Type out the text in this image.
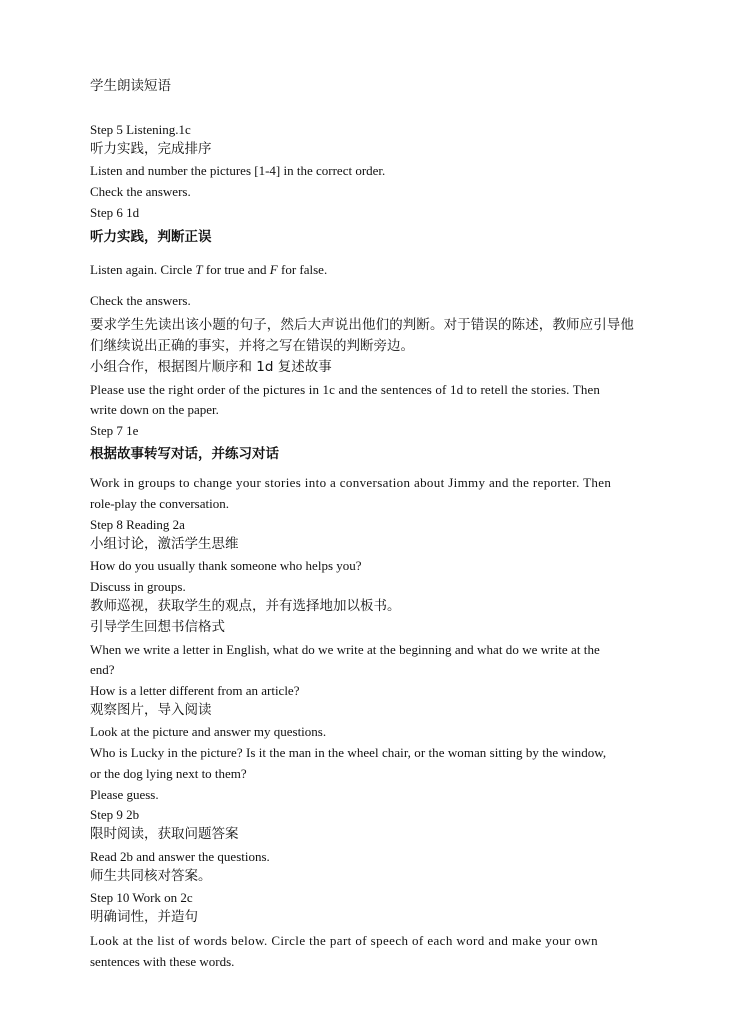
学生朗读短语
Step 5 Listening.1c
听力实践，完成排序
Listen and number the pictures [1-4] in the correct order.
Check the answers.
Step 6 1d
听力实践，判断正误
Listen again. Circle T for true and F for false.
Check the answers.
要求学生先读出该小题的句子，然后大声说出他们的判断。对于错误的陈述，教师应引导他
们继续说出正确的事实，并将之写在错误的判断旁边。
小组合作，根据图片顺序和 1d 复述故事
Please use the right order of the pictures in 1c and the sentences of 1d to retell the stories. Then
write down on the paper.
Step 7 1e
根据故事转写对话，并练习对话
Work in groups to change your stories into a conversation about Jimmy and the reporter. Then
role-play the conversation.
Step 8 Reading 2a
小组讨论，激活学生思维
How do you usually thank someone who helps you?
Discuss in groups.
教师巡视，获取学生的观点，并有选择地加以板书。
引导学生回想书信格式
When we write a letter in English, what do we write at the beginning and what do we write at the
end?
How is a letter different from an article?
观察图片，导入阅读
Look at the picture and answer my questions.
Who is Lucky in the picture? Is it the man in the wheel chair, or the woman sitting by the window,
or the dog lying next to them?
Please guess.
Step 9 2b
限时阅读，获取问题答案
Read 2b and answer the questions.
师生共同核对答案。
Step 10 Work on 2c
明确词性，并造句
Look at the list of words below. Circle the part of speech of each word and make your own
sentences with these words.
